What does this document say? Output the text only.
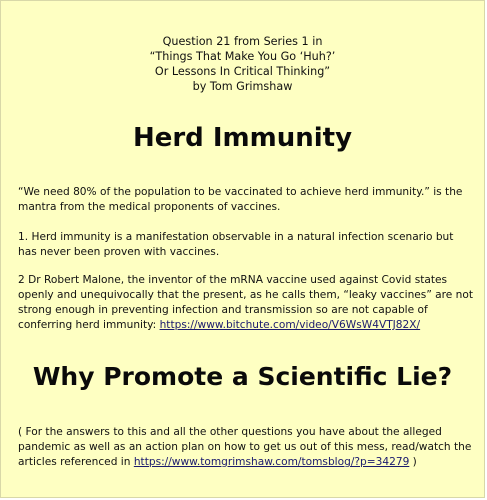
Question 21 from Series 1 in
“Things That Make You Go ‘Huh?’
Or Lessons In Critical Thinking”
by Tom Grimshaw
Herd Immunity
“We need 80% of the population to be vaccinated to achieve herd immunity.” is the mantra from the medical proponents of vaccines.
1. Herd immunity is a manifestation observable in a natural infection scenario but has never been proven with vaccines.
2 Dr Robert Malone, the inventor of the mRNA vaccine used against Covid states openly and unequivocally that the present, as he calls them, “leaky vaccines” are not strong enough in preventing infection and transmission so are not capable of conferring herd immunity: https://www.bitchute.com/video/V6WsW4VTJ82X/
Why Promote a Scientific Lie?
( For the answers to this and all the other questions you have about the alleged pandemic as well as an action plan on how to get us out of this mess, read/watch the articles referenced in https://www.tomgrimshaw.com/tomsblog/?p=34279 )
